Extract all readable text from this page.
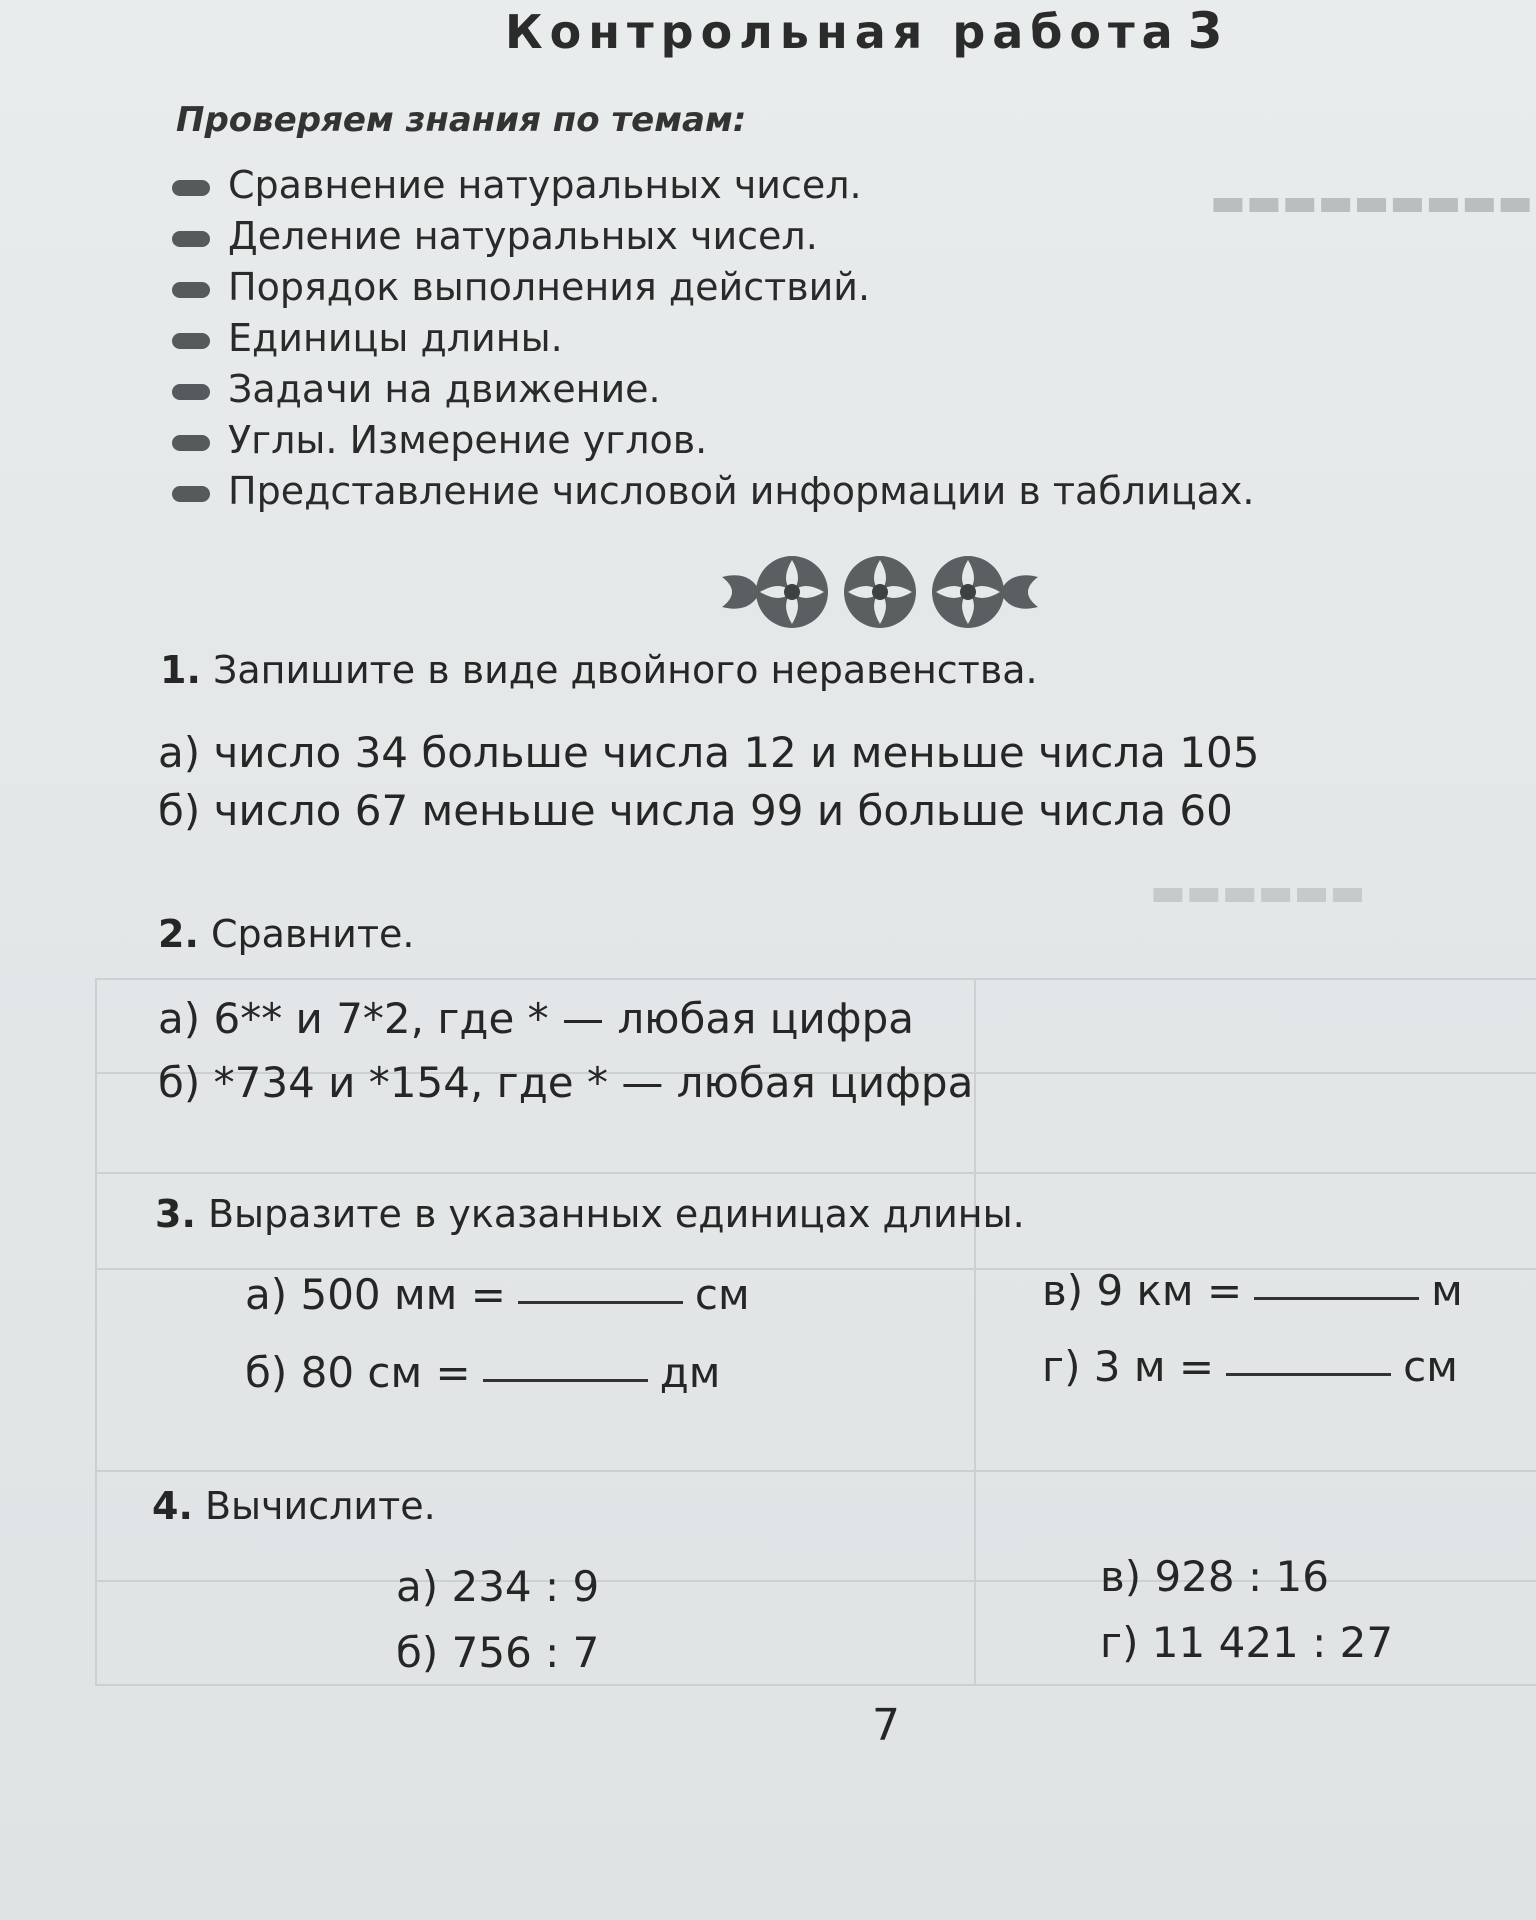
▬▬▬▬▬▬▬▬▬
▬▬▬▬▬▬
Контрольная работа 3
Проверяем знания по темам:
Сравнение натуральных чисел.
Деление натуральных чисел.
Порядок выполнения действий.
Единицы длины.
Задачи на движение.
Углы. Измерение углов.
Представление числовой информации в таблицах.
1. Запишите в виде двойного неравенства.
а) число 34 больше числа 12 и меньше числа 105
б) число 67 меньше числа 99 и больше числа 60
2. Сравните.
а) 6** и 7*2, где * — любая цифра
б) *734 и *154, где * — любая цифра
3. Выразите в указанных единицах длины.
а) 500 мм =	см
б) 80 см =	дм
в) 9 км =	м
г) 3 м =	см
4. Вычислите.
а) 234 : 9
б) 756 : 7
в) 928 : 16
г) 11 421 : 27
7
